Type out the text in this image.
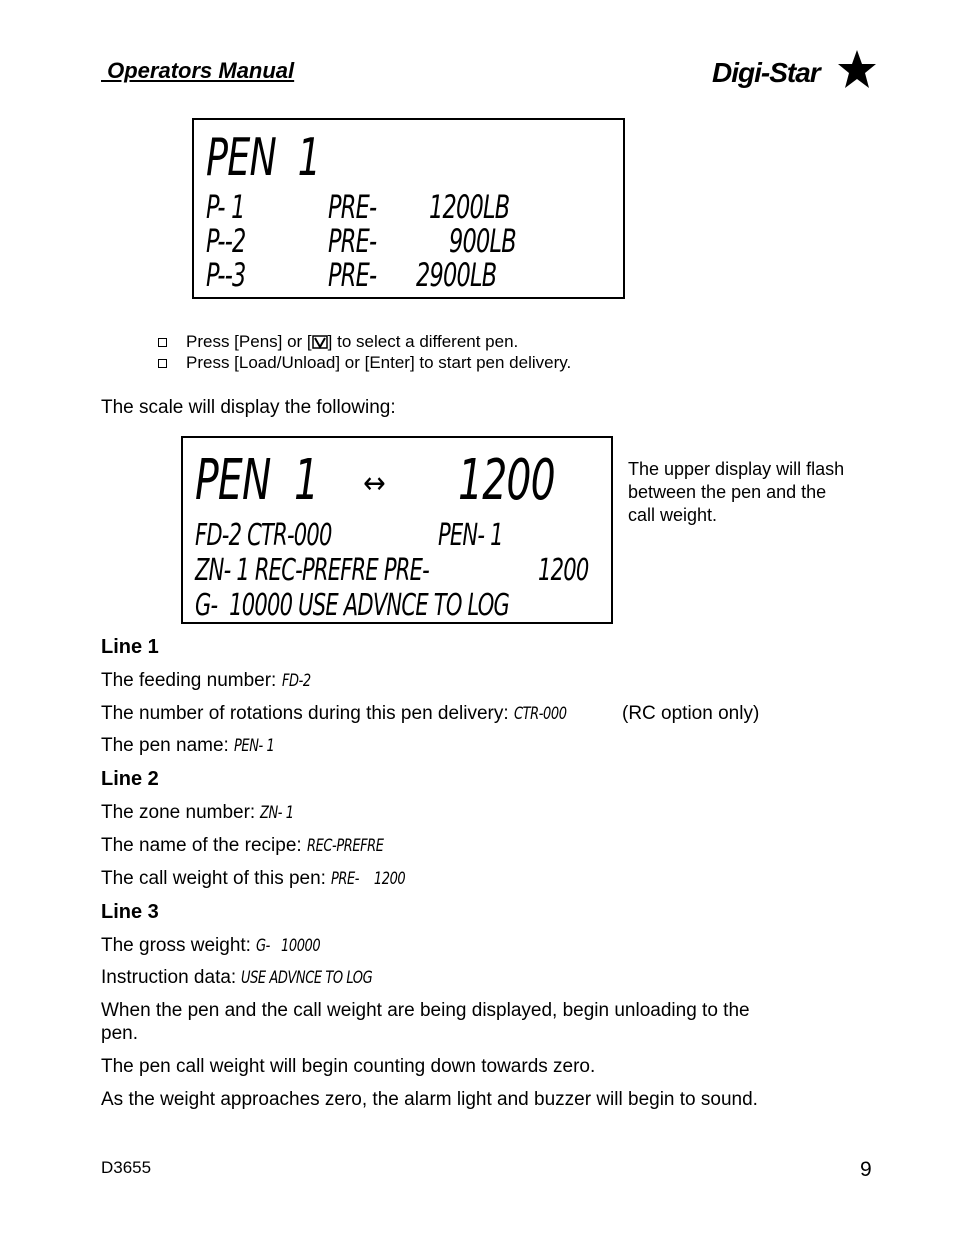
Operators Manual	Digi-Star
PEN  1
P- 1	PRE- 1200LB
P--2	PRE- 900LB
P--3	PRE- 2900LB
Press [Pens] or [ ] to select a different pen.
Press [Load/Unload] or [Enter] to start pen delivery.
The scale will display the following:
PEN  1 ↔ 1200
FD-2 CTR-000	PEN- 1
ZN- 1 REC-PREFRE PRE-	1200
G-  10000 USE ADVNCE TO LOG
The upper display will flash between the pen and the call weight.
Line 1
The feeding number: FD-2
The number of rotations during this pen delivery: CTR-000	(RC option only)
The pen name: PEN- 1
Line 2
The zone number: ZN- 1
The name of the recipe: REC-PREFRE
The call weight of this pen: PRE-    1200
Line 3
The gross weight: G-   10000
Instruction data: USE ADVNCE TO LOG
When the pen and the call weight are being displayed, begin unloading to the
pen.
The pen call weight will begin counting down towards zero.
As the weight approaches zero, the alarm light and buzzer will begin to sound.
D3655	9
